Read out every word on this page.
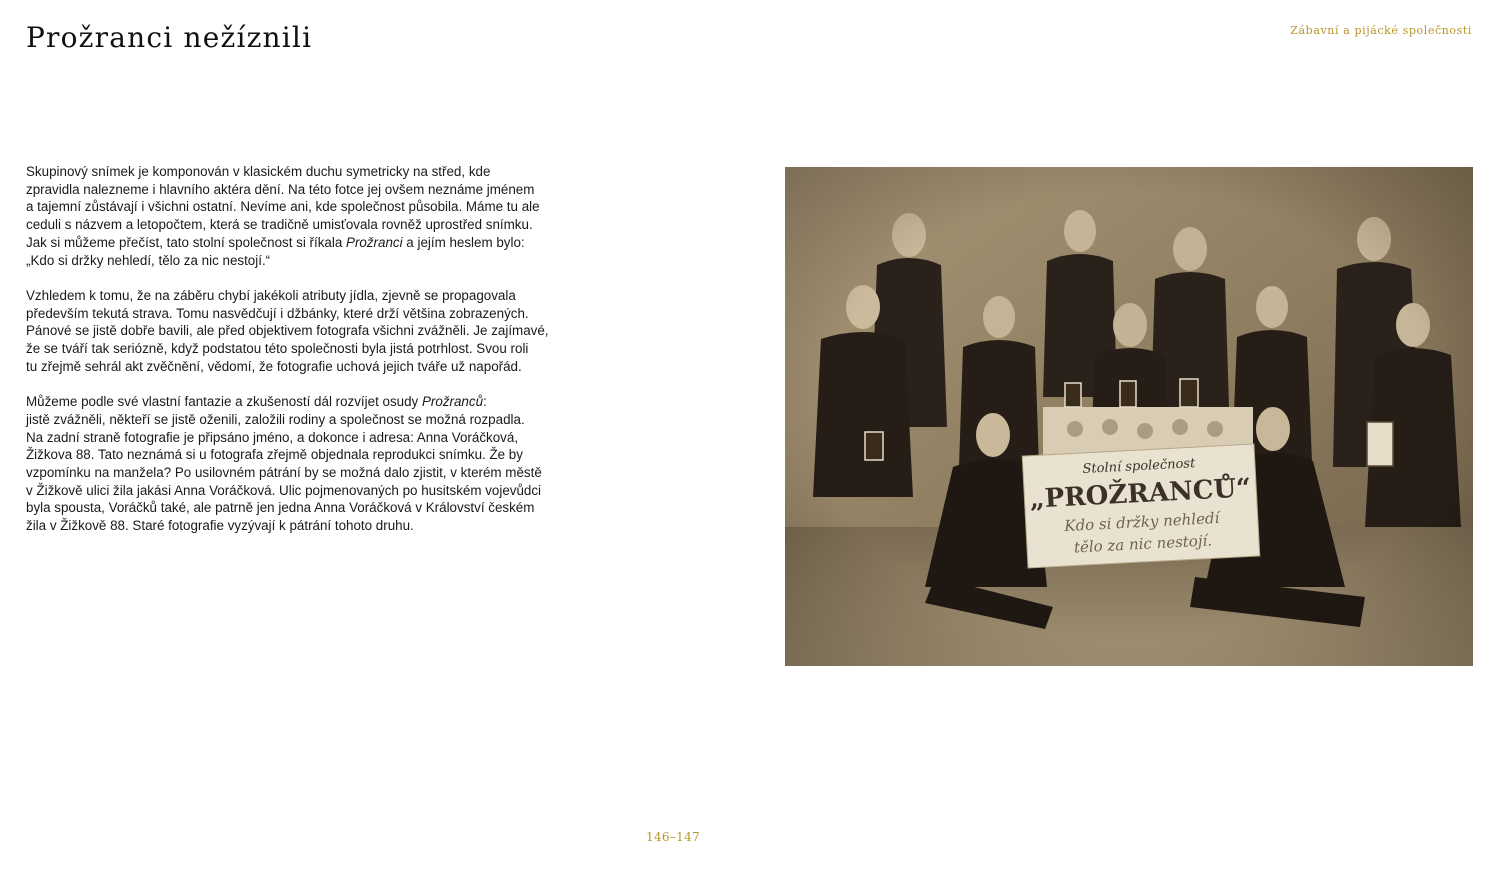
Prožranci nežíznili	Zábavní a pijácké společnosti

Skupinový snímek je komponován v klasickém duchu symetricky na střed, kde
zpravidla nalezneme i hlavního aktéra dění. Na této fotce jej ovšem neznáme jménem
a tajemní zůstávají i všichni ostatní. Nevíme ani, kde společnost působila. Máme tu ale
ceduli s názvem a letopočtem, která se tradičně umisťovala rovněž uprostřed snímku.
Jak si můžeme přečíst, tato stolní společnost si říkala Prožranci a jejím heslem bylo:
„Kdo si držky nehledí, tělo za nic nestojí.“

Vzhledem k tomu, že na záběru chybí jakékoli atributy jídla, zjevně se propagovala
především tekutá strava. Tomu nasvědčují i džbánky, které drží většina zobrazených.
Pánové se jistě dobře bavili, ale před objektivem fotografa všichni zvážněli. Je zajímavé,
že se tváří tak seriózně, když podstatou této společnosti byla jistá potrhlost. Svou roli
tu zřejmě sehrál akt zvěčnění, vědomí, že fotografie uchová jejich tváře už napořád.

Můžeme podle své vlastní fantazie a zkušeností dál rozvíjet osudy Prožranců:
jistě zvážněli, někteří se jistě oženili, založili rodiny a společnost se možná rozpadla.
Na zadní straně fotografie je připsáno jméno, a dokonce i adresa: Anna Voráčková,
Žižkova 88. Tato neznámá si u fotografa zřejmě objednala reprodukci snímku. Že by
vzpomínku na manžela? Po usilovném pátrání by se možná dalo zjistit, v kterém městě
v Žižkově ulici žila jakási Anna Voráčková. Ulic pojmenovaných po husitském vojevůdci
byla spousta, Voráčků také, ale patrně jen jedna Anna Voráčková v Království českém
žila v Žižkově 88. Staré fotografie vyzývají k pátrání tohoto druhu.

146–147
